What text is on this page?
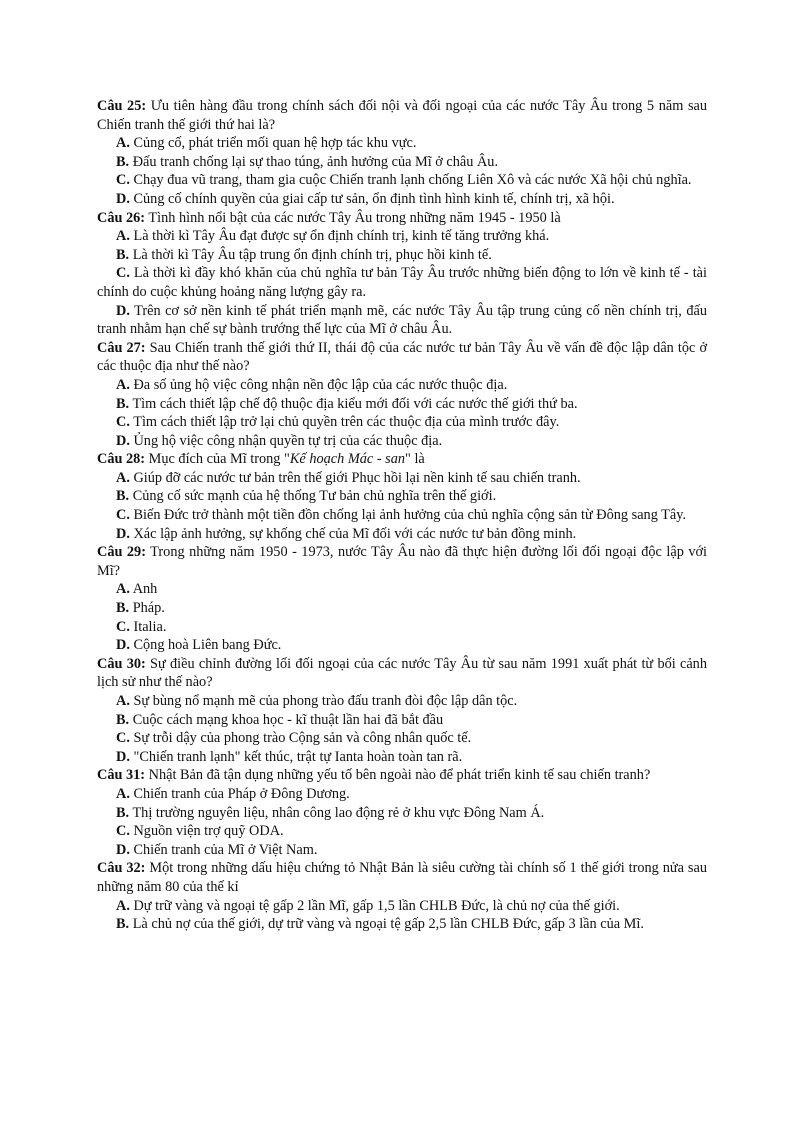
Câu 25: Ưu tiên hàng đầu trong chính sách đối nội và đối ngoại của các nước Tây Âu trong 5 năm sau Chiến tranh thế giới thứ hai là?

A. Củng cố, phát triển mối quan hệ hợp tác khu vực.

B. Đấu tranh chống lại sự thao túng, ảnh hưởng của Mĩ ở châu Âu.

C. Chạy đua vũ trang, tham gia cuộc Chiến tranh lạnh chống Liên Xô và các nước Xã hội chủ nghĩa.

D. Củng cố chính quyền của giai cấp tư sản, ổn định tình hình kinh tế, chính trị, xã hội.

Câu 26: Tình hình nổi bật của các nước Tây Âu trong những năm 1945 - 1950 là

A. Là thời kì Tây Âu đạt được sự ổn định chính trị, kinh tế tăng trưởng khá.

B. Là thời kì Tây Âu tập trung ổn định chính trị, phục hồi kinh tế.

C. Là thời kì đầy khó khăn của chủ nghĩa tư bản Tây Âu trước những biến động to lớn về kinh tế - tài chính do cuộc khủng hoảng năng lượng gây ra.

D. Trên cơ sở nền kinh tế phát triển mạnh mẽ, các nước Tây Âu tập trung củng cố nền chính trị, đấu tranh nhằm hạn chế sự bành trướng thế lực của Mĩ ở châu Âu.

Câu 27: Sau Chiến tranh thế giới thứ II, thái độ của các nước tư bản Tây Âu về vấn đề độc lập dân tộc ở các thuộc địa như thế nào?

A. Đa số ủng hộ việc công nhận nền độc lập của các nước thuộc địa.

B. Tìm cách thiết lập chế độ thuộc địa kiểu mới đối với các nước thế giới thứ ba.

C. Tìm cách thiết lập trở lại chủ quyền trên các thuộc địa của mình trước đây.

D. Ủng hộ việc công nhận quyền tự trị của các thuộc địa.

Câu 28: Mục đích của Mĩ trong "Kế hoạch Mác - san" là

A. Giúp đỡ các nước tư bản trên thế giới Phục hồi lại nền kinh tế sau chiến tranh.

B. Củng cố sức mạnh của hệ thống Tư bản chủ nghĩa trên thế giới.

C. Biến Đức trở thành một tiền đồn chống lại ảnh hưởng của chủ nghĩa cộng sản từ Đông sang Tây.

D. Xác lập ảnh hưởng, sự khống chế của Mĩ đối với các nước tư bản đồng minh.

Câu 29: Trong những năm 1950 - 1973, nước Tây Âu nào đã thực hiện đường lối đối ngoại độc lập với Mĩ?

A. Anh

B. Pháp.

C. Italia.

D. Cộng hoà Liên bang Đức.

Câu 30: Sự điều chỉnh đường lối đối ngoại của các nước Tây Âu từ sau năm 1991 xuất phát từ bối cảnh lịch sử như thế nào?

A. Sự bùng nổ mạnh mẽ của phong trào đấu tranh đòi độc lập dân tộc.

B. Cuộc cách mạng khoa học - kĩ thuật lần hai đã bắt đầu

C. Sự trỗi dậy của phong trào Cộng sản và công nhân quốc tế.

D. "Chiến tranh lạnh" kết thúc, trật tự Ianta hoàn toàn tan rã.

Câu 31: Nhật Bản đã tận dụng những yếu tố bên ngoài nào để phát triển kinh tế sau chiến tranh?

A. Chiến tranh của Pháp ở Đông Dương.

B. Thị trường nguyên liệu, nhân công lao động rẻ ở khu vực Đông Nam Á.

C. Nguồn viện trợ quỹ ODA.

D. Chiến tranh của Mĩ ở Việt Nam.

Câu 32: Một trong những dấu hiệu chứng tỏ Nhật Bản là siêu cường tài chính số 1 thế giới trong nửa sau những năm 80 của thế kỉ

A. Dự trữ vàng và ngoại tệ gấp 2 lần Mĩ, gấp 1,5 lần CHLB Đức, là chủ nợ của thế giới.

B. Là chủ nợ của thế giới, dự trữ vàng và ngoại tệ gấp 2,5 lần CHLB Đức, gấp 3 lần của Mĩ.
